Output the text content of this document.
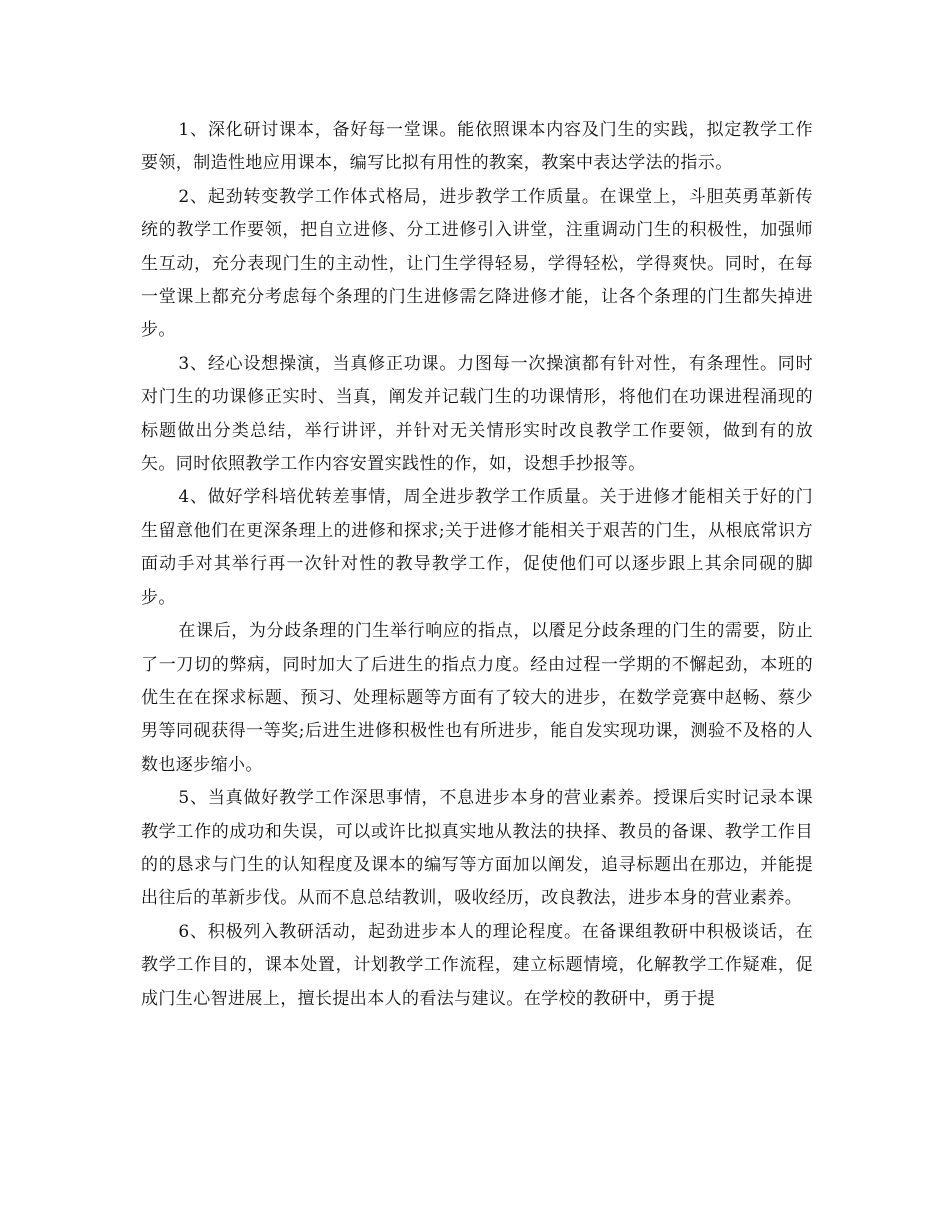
1、深化研讨课本，备好每一堂课。能依照课本内容及门生的实践，拟定教学工作要领，制造性地应用课本，编写比拟有用性的教案，教案中表达学法的指示。

2、起劲转变教学工作体式格局，进步教学工作质量。在课堂上，斗胆英勇革新传统的教学工作要领，把自立进修、分工进修引入讲堂，注重调动门生的积极性，加强师生互动，充分表现门生的主动性，让门生学得轻易，学得轻松，学得爽快。同时，在每一堂课上都充分考虑每个条理的门生进修需乞降进修才能，让各个条理的门生都失掉进步。

3、经心设想操演，当真修正功课。力图每一次操演都有针对性，有条理性。同时对门生的功课修正实时、当真，阐发并记载门生的功课情形，将他们在功课进程涌现的标题做出分类总结，举行讲评，并针对无关情形实时改良教学工作要领，做到有的放矢。同时依照教学工作内容安置实践性的作，如，设想手抄报等。

4、做好学科培优转差事情，周全进步教学工作质量。关于进修才能相关于好的门生留意他们在更深条理上的进修和探求;关于进修才能相关于艰苦的门生，从根底常识方面动手对其举行再一次针对性的教导教学工作，促使他们可以逐步跟上其余同砚的脚步。

在课后，为分歧条理的门生举行响应的指点，以餍足分歧条理的门生的需要，防止了一刀切的弊病，同时加大了后进生的指点力度。经由过程一学期的不懈起劲，本班的优生在在探求标题、预习、处理标题等方面有了较大的进步，在数学竞赛中赵畅、蔡少男等同砚获得一等奖;后进生进修积极性也有所进步，能自发实现功课，测验不及格的人数也逐步缩小。

5、当真做好教学工作深思事情，不息进步本身的营业素养。授课后实时记录本课教学工作的成功和失误，可以或许比拟真实地从教法的抉择、教员的备课、教学工作目的的恳求与门生的认知程度及课本的编写等方面加以阐发，追寻标题出在那边，并能提出往后的革新步伐。从而不息总结教训，吸收经历，改良教法，进步本身的营业素养。

6、积极列入教研活动，起劲进步本人的理论程度。在备课组教研中积极谈话，在教学工作目的，课本处置，计划教学工作流程，建立标题情境，化解教学工作疑难，促成门生心智进展上，擅长提出本人的看法与建议。在学校的教研中，勇于提
